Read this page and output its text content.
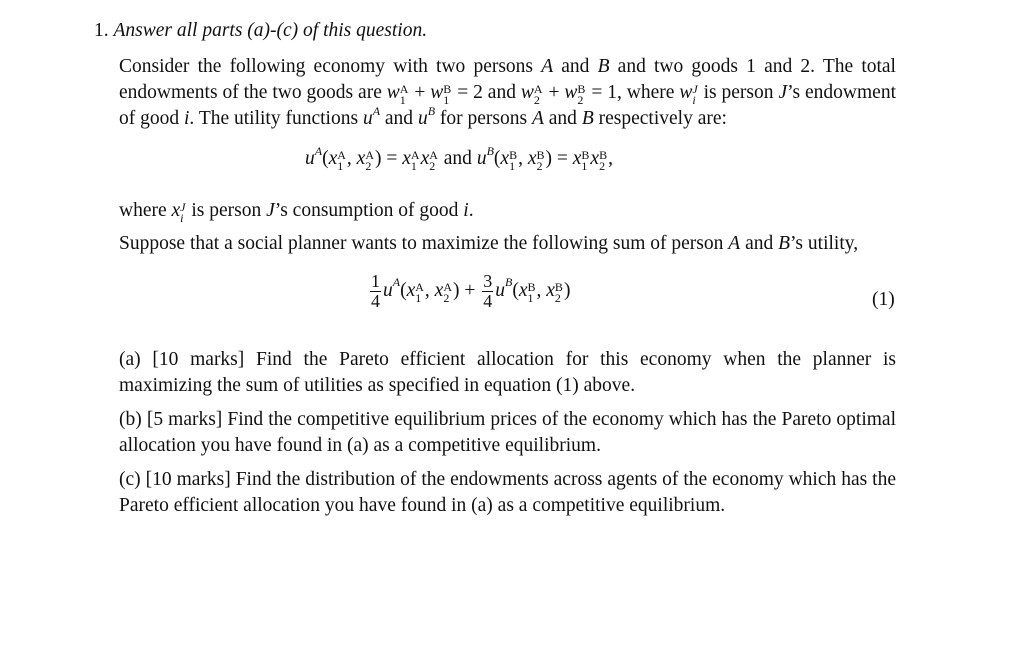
1. Answer all parts (a)-(c) of this question.
Consider the following economy with two persons A and B and two goods 1 and 2. The total endowments of the two goods are w A
1 + w B
1 = 2 and w A
2 + w B
2 = 1, where w J
i is person J’s endowment of good i. The utility functions $u^A$ and $u^B$ for persons A and B respectively are:
$u^A(x$ A
1 , x A
2 ) = x A
1 x A
2 and $u^B(x$ B
1 , x B
2 ) = x B
1 x B
2 ,
where x J
i is person J’s consumption of good i.
Suppose that a social planner wants to maximize the following sum of person A and B’s utility,
$\frac{1}{4} u^A(x$ A
1 , x A
2 ) + $\frac{3}{4} u^B(x$ B
1 , x B
2 )	(1)
(a) [10 marks] Find the Pareto efficient allocation for this economy when the planner is maximizing the sum of utilities as specified in equation (1) above.
(b) [5 marks] Find the competitive equilibrium prices of the economy which has the Pareto optimal allocation you have found in (a) as a competitive equilibrium.
(c) [10 marks] Find the distribution of the endowments across agents of the economy which has the Pareto efficient allocation you have found in (a) as a competitive equilibrium.
